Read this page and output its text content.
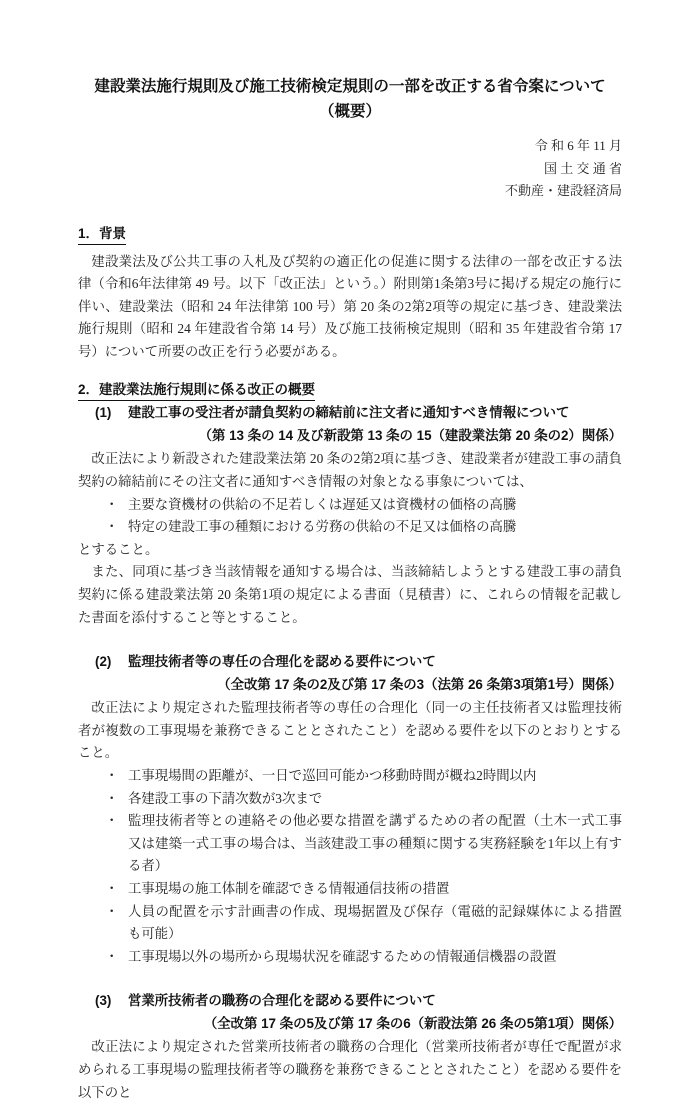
建設業法施行規則及び施工技術検定規則の一部を改正する省令案について
（概要）
令 和 6 年 11 月
国 土 交 通 省
不動産・建設経済局
1．背景
建設業法及び公共工事の入札及び契約の適正化の促進に関する法律の一部を改正する法律（令和6年法律第 49 号。以下「改正法」という。）附則第1条第3号に掲げる規定の施行に伴い、建設業法（昭和 24 年法律第 100 号）第 20 条の2第2項等の規定に基づき、建設業法施行規則（昭和 24 年建設省令第 14 号）及び施工技術検定規則（昭和 35 年建設省令第 17 号）について所要の改正を行う必要がある。
2．建設業法施行規則に係る改正の概要
(1)	建設工事の受注者が請負契約の締結前に注文者に通知すべき情報について
（第 13 条の 14 及び新設第 13 条の 15（建設業法第 20 条の2）関係）
改正法により新設された建設業法第 20 条の2第2項に基づき、建設業者が建設工事の請負契約の締結前にその注文者に通知すべき情報の対象となる事象については、
・ 主要な資機材の供給の不足若しくは遅延又は資機材の価格の高騰
・ 特定の建設工事の種類における労務の供給の不足又は価格の高騰
とすること。
また、同項に基づき当該情報を通知する場合は、当該締結しようとする建設工事の請負契約に係る建設業法第 20 条第1項の規定による書面（見積書）に、これらの情報を記載した書面を添付すること等とすること。
(2)	監理技術者等の専任の合理化を認める要件について
（全改第 17 条の2及び第 17 条の3（法第 26 条第3項第1号）関係）
改正法により規定された監理技術者等の専任の合理化（同一の主任技術者又は監理技術者が複数の工事現場を兼務できることとされたこと）を認める要件を以下のとおりとすること。
・ 工事現場間の距離が、一日で巡回可能かつ移動時間が概ね2時間以内
・ 各建設工事の下請次数が3次まで
・ 監理技術者等との連絡その他必要な措置を講ずるための者の配置（土木一式工事又は建築一式工事の場合は、当該建設工事の種類に関する実務経験を1年以上有する者）
・ 工事現場の施工体制を確認できる情報通信技術の措置
・ 人員の配置を示す計画書の作成、現場据置及び保存（電磁的記録媒体による措置も可能）
・ 工事現場以外の場所から現場状況を確認するための情報通信機器の設置
(3)	営業所技術者の職務の合理化を認める要件について
（全改第 17 条の5及び第 17 条の6（新設法第 26 条の5第1項）関係）
改正法により規定された営業所技術者の職務の合理化（営業所技術者が専任で配置が求められる工事現場の監理技術者等の職務を兼務できることとされたこと）を認める要件を以下のと
